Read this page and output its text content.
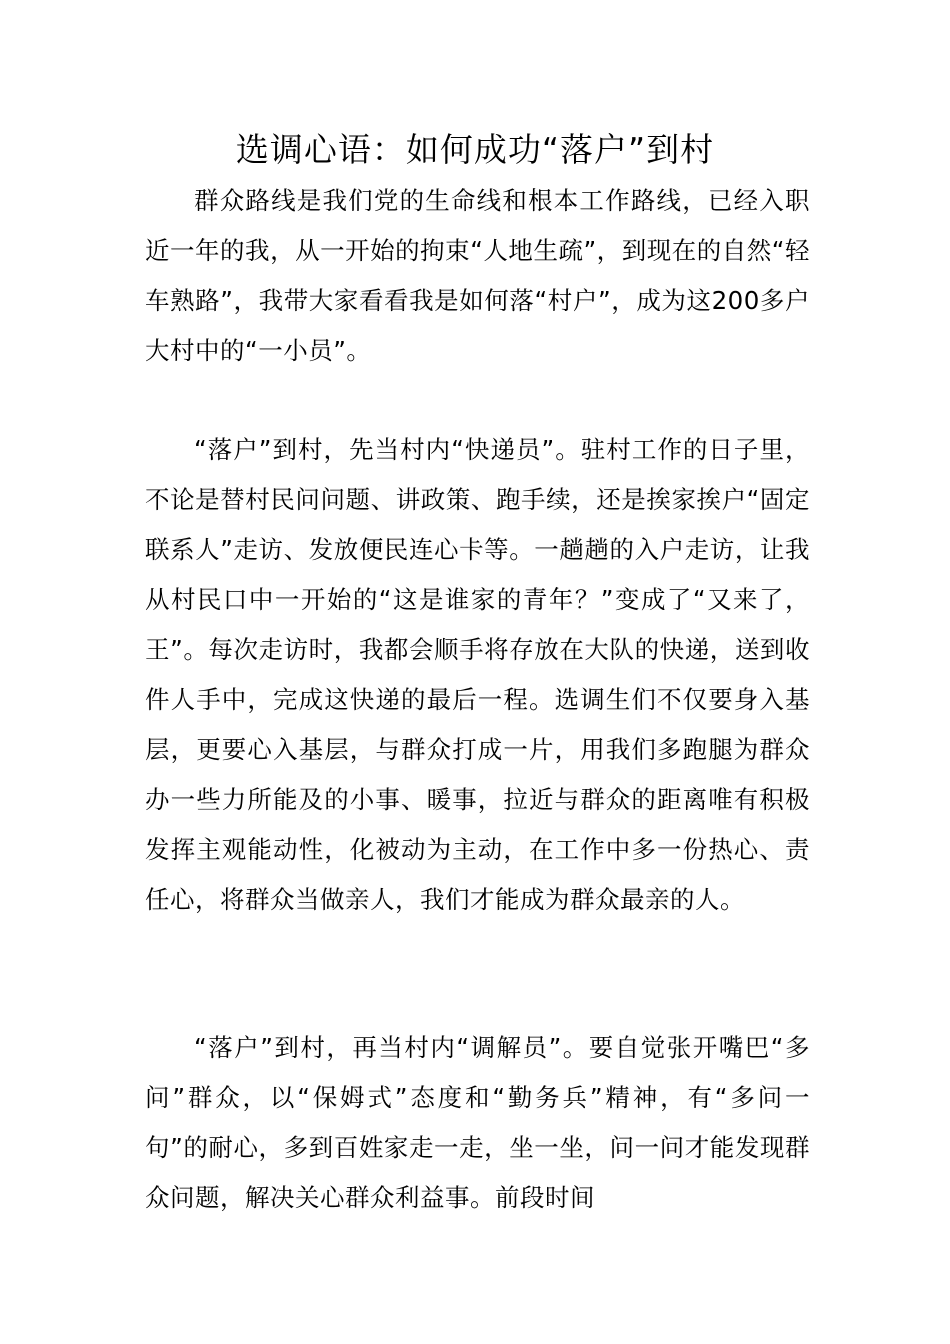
选调心语：如何成功“落户”到村

群众路线是我们党的生命线和根本工作路线，已经入职近一年的我，从一开始的拘束“人地生疏”，到现在的自然“轻车熟路”，我带大家看看我是如何落“村户”，成为这200多户大村中的“一小员”。

“落户”到村，先当村内“快递员”。驻村工作的日子里，不论是替村民问问题、讲政策、跑手续，还是挨家挨户“固定联系人”走访、发放便民连心卡等。一趟趟的入户走访，让我从村民口中一开始的“这是谁家的青年？”变成了“又来了，王”。每次走访时，我都会顺手将存放在大队的快递，送到收件人手中，完成这快递的最后一程。选调生们不仅要身入基层，更要心入基层，与群众打成一片，用我们多跑腿为群众办一些力所能及的小事、暖事，拉近与群众的距离唯有积极发挥主观能动性，化被动为主动，在工作中多一份热心、责任心，将群众当做亲人，我们才能成为群众最亲的人。

“落户”到村，再当村内“调解员”。要自觉张开嘴巴“多问”群众，以“保姆式”态度和“勤务兵”精神，有“多问一句”的耐心，多到百姓家走一走，坐一坐，问一问才能发现群众问题，解决关心群众利益事。前段时间
